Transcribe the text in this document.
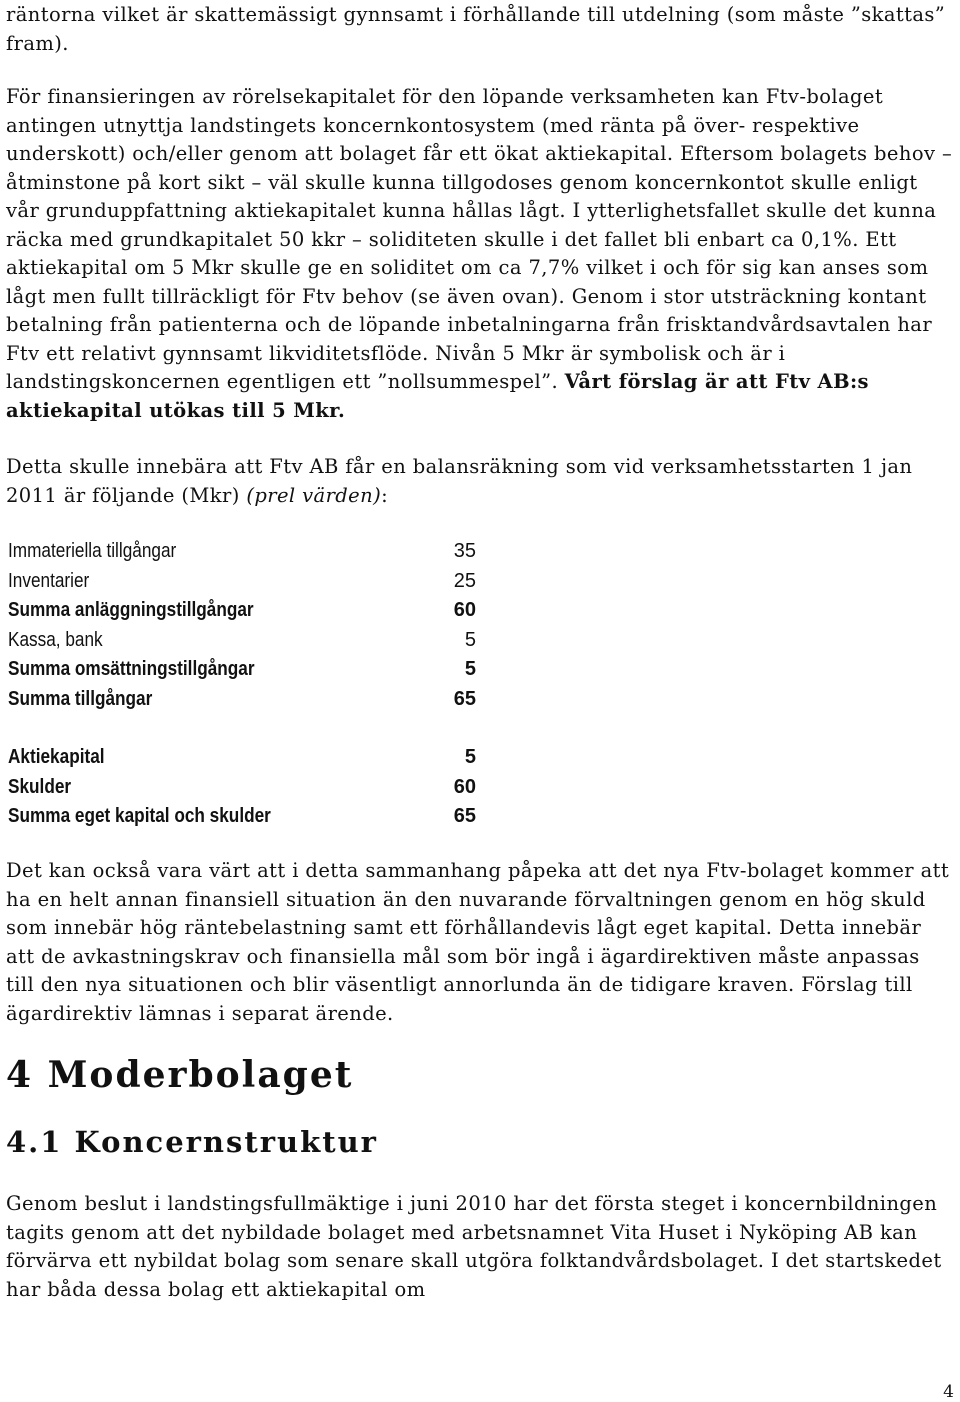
räntorna vilket är skattemässigt gynnsamt i förhållande till utdelning (som måste ”skattas” fram).

För finansieringen av rörelsekapitalet för den löpande verksamheten kan Ftv-bolaget antingen utnyttja landstingets koncernkontosystem (med ränta på över- respektive underskott) och/eller genom att bolaget får ett ökat aktiekapital. Eftersom bolagets behov – åtminstone på kort sikt – väl skulle kunna tillgodoses genom koncernkontot skulle enligt vår grunduppfattning aktiekapitalet kunna hållas lågt. I ytterlighetsfallet skulle det kunna räcka med grundkapitalet 50 kkr – soliditeten skulle i det fallet bli enbart ca 0,1%. Ett aktiekapital om 5 Mkr skulle ge en soliditet om ca 7,7% vilket i och för sig kan anses som lågt men fullt tillräckligt för Ftv behov (se även ovan). Genom i stor utsträckning kontant betalning från patienterna och de löpande inbetalningarna från frisktandvårdsavtalen har Ftv ett relativt gynnsamt likviditetsflöde. Nivån 5 Mkr är symbolisk och är i landstingskoncernen egentligen ett ”nollsummespel”. Vårt förslag är att Ftv AB:s aktiekapital utökas till 5 Mkr.

Detta skulle innebära att Ftv AB får en balansräkning som vid verksamhetsstarten 1 jan 2011 är följande (Mkr) (prel värden):

Immateriella tillgångar	35
Inventarier	25
Summa anläggningstillgångar	60
Kassa, bank	5
Summa omsättningstillgångar	5
Summa tillgångar	65
Aktiekapital	5
Skulder	60
Summa eget kapital och skulder	65

Det kan också vara värt att i detta sammanhang påpeka att det nya Ftv-bolaget kommer att ha en helt annan finansiell situation än den nuvarande förvaltningen genom en hög skuld som innebär hög räntebelastning samt ett förhållandevis lågt eget kapital. Detta innebär att de avkastningskrav och finansiella mål som bör ingå i ägardirektiven måste anpassas till den nya situationen och blir väsentligt annorlunda än de tidigare kraven. Förslag till ägardirektiv lämnas i separat ärende.

4 Moderbolaget
4.1 Koncernstruktur

Genom beslut i landstingsfullmäktige i juni 2010 har det första steget i koncernbildningen tagits genom att det nybildade bolaget med arbetsnamnet Vita Huset i Nyköping AB kan förvärva ett nybildat bolag som senare skall utgöra folktandvårdsbolaget. I det startskedet har båda dessa bolag ett aktiekapital om

4
